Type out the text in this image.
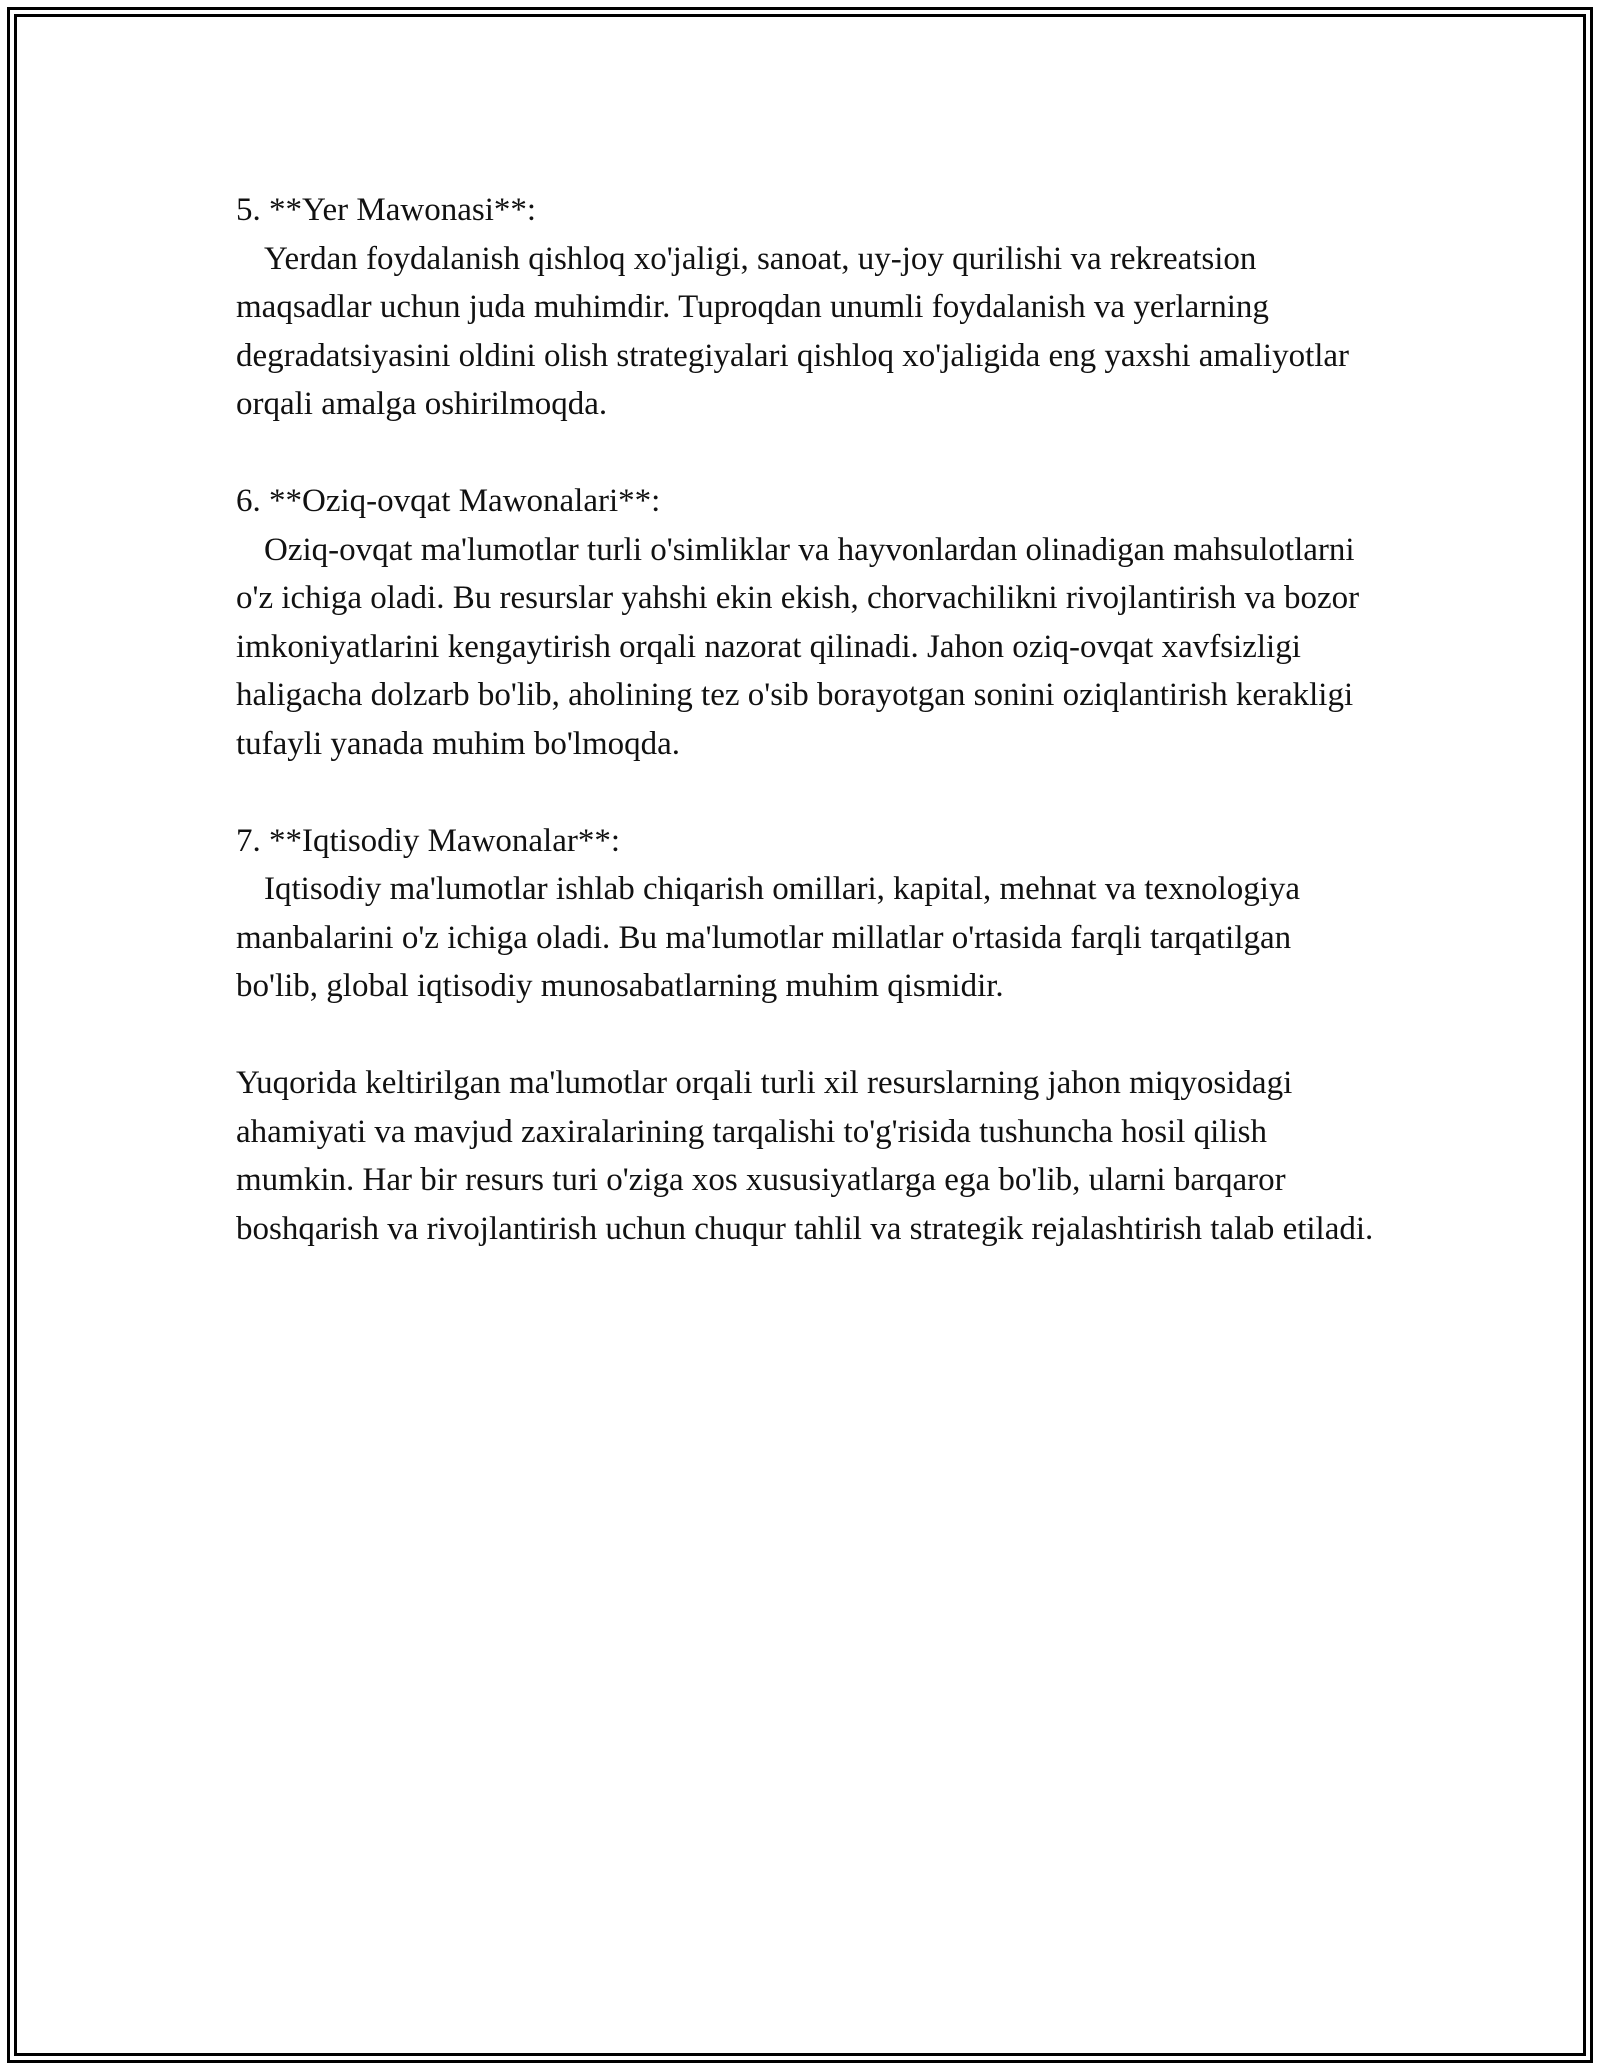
5. **Yer Mawonasi**:

Yerdan foydalanish qishloq xo'jaligi, sanoat, uy-joy qurilishi va rekreatsion maqsadlar uchun juda muhimdir. Tuproqdan unumli foydalanish va yerlarning degradatsiyasini oldini olish strategiyalari qishloq xo'jaligida eng yaxshi amaliyotlar orqali amalga oshirilmoqda.

6. **Oziq-ovqat Mawonalari**:

Oziq-ovqat ma'lumotlar turli o'simliklar va hayvonlardan olinadigan mahsulotlarni o'z ichiga oladi. Bu resurslar yahshi ekin ekish, chorvachilikni rivojlantirish va bozor imkoniyatlarini kengaytirish orqali nazorat qilinadi. Jahon oziq-ovqat xavfsizligi haligacha dolzarb bo'lib, aholining tez o'sib borayotgan sonini oziqlantirish kerakligi tufayli yanada muhim bo'lmoqda.

7. **Iqtisodiy Mawonalar**:

Iqtisodiy ma'lumotlar ishlab chiqarish omillari, kapital, mehnat va texnologiya manbalarini o'z ichiga oladi. Bu ma'lumotlar millatlar o'rtasida farqli tarqatilgan bo'lib, global iqtisodiy munosabatlarning muhim qismidir.

Yuqorida keltirilgan ma'lumotlar orqali turli xil resurslarning jahon miqyosidagi ahamiyati va mavjud zaxiralarining tarqalishi to'g'risida tushuncha hosil qilish mumkin. Har bir resurs turi o'ziga xos xususiyatlarga ega bo'lib, ularni barqaror boshqarish va rivojlantirish uchun chuqur tahlil va strategik rejalashtirish talab etiladi.
